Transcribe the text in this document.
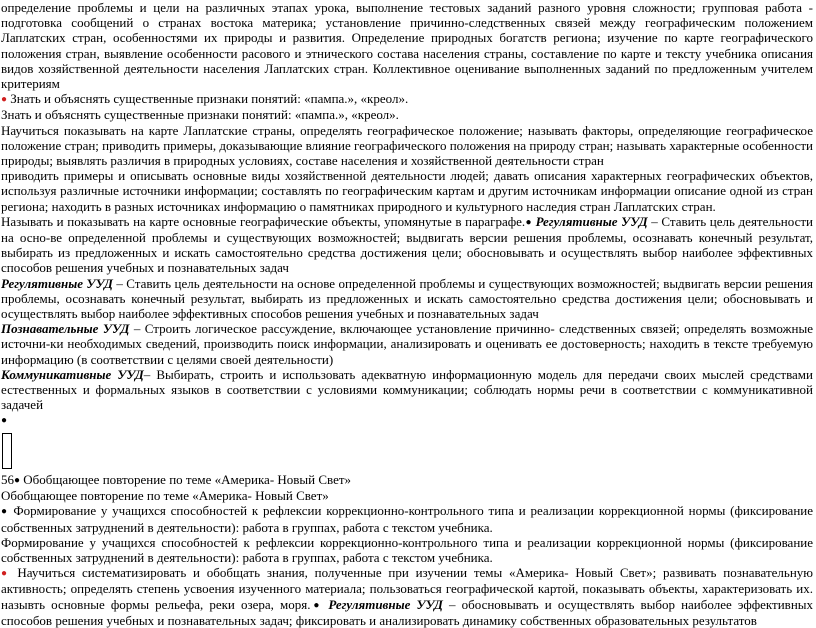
определение проблемы и цели на различных этапах урока, выполнение тестовых заданий разного уровня сложности; групповая работа - подготовка сообщений о странах востока материка; установление причинно-следственных связей между географическим положением Лаплатских стран, особенностями их природы и развития. Определение природных богатств региона; изучение по карте географического положения стран, выявление особенности расового и этнического состава населения страны, составление по карте и тексту учебника описания видов хозяйственной деятельности населения Лаплатских стран. Коллективное оценивание выполненных заданий по предложенным учителем критериям

● Знать и объяснять существенные признаки понятий: «пампа.», «креол».

Знать и объяснять существенные признаки понятий: «пампа.», «креол».

Научиться показывать на карте Лаплатские страны, определять географическое положение; называть факторы, определяющие географическое положение стран; приводить примеры, доказывающие влияние географического положения на природу стран; называть характерные особенности природы; выявлять различия в природных условиях, составе населения и хозяйственной деятельности стран

приводить примеры и описывать основные виды хозяйственной деятельности людей; давать описания характерных географических объектов, используя различные источники информации; составлять по географическим картам и другим источникам информации описание одной из стран региона; находить в разных источниках информацию о памятниках природного и культурного наследия стран Лаплатских стран.

Называть и показывать на карте основные географические объекты, упомянутые в параграфе.● Регулятивные УУД – Ставить цель деятельности на осно-ве определенной проблемы и существующих возможностей; выдвигать версии решения проблемы, осознавать конечный результат, выбирать из предложенных и искать самостоятельно средства достижения цели; обосновывать и осуществлять выбор наиболее эффективных способов решения учебных и познавательных задач

Регулятивные УУД – Ставить цель деятельности на основе определенной проблемы и существующих возможностей; выдвигать версии решения проблемы, осознавать конечный результат, выбирать из предложенных и искать самостоятельно средства достижения цели; обосновывать и осуществлять выбор наиболее эффективных способов решения учебных и познавательных задач

Познавательные УУД – Строить логическое рассуждение, включающее установление причинно- следственных связей; определять возможные источни-ки необходимых сведений, производить поиск информации, анализировать и оценивать ее достоверность; находить в тексте требуемую информацию (в соответствии с целями своей деятельности)

Коммуникативные УУД– Выбирать, строить и использовать адекватную информационную модель для передачи своих мыслей средствами естественных и формальных языков в соответствии с условиями коммуникации; соблюдать нормы речи в соответствии с коммуникативной задачей

●

56● Обобщающее повторение по теме «Америка- Новый Свет»

Обобщающее повторение по теме «Америка- Новый Свет»

● Формирование у учащихся способностей к рефлексии коррекционно-контрольного типа и реализации коррекционной нормы (фиксирование собственных затруднений в деятельности): работа в группах, работа с текстом учебника.

Формирование у учащихся способностей к рефлексии коррекционно-контрольного типа и реализации коррекционной нормы (фиксирование собственных затруднений в деятельности): работа в группах, работа с текстом учебника.

● Научиться систематизировать и обобщать знания, полученные при изучении темы «Америка- Новый Свет»; развивать познавательную активность; определять степень усвоения изученного материала; пользоваться географической картой, показывать объекты, характеризовать их. назывть основные формы рельефа, реки озера, моря.● Регулятивные УУД – обосновывать и осуществлять выбор наиболее эффективных способов решения учебных и познавательных задач; фиксировать и анализировать динамику собственных образовательных результатов
